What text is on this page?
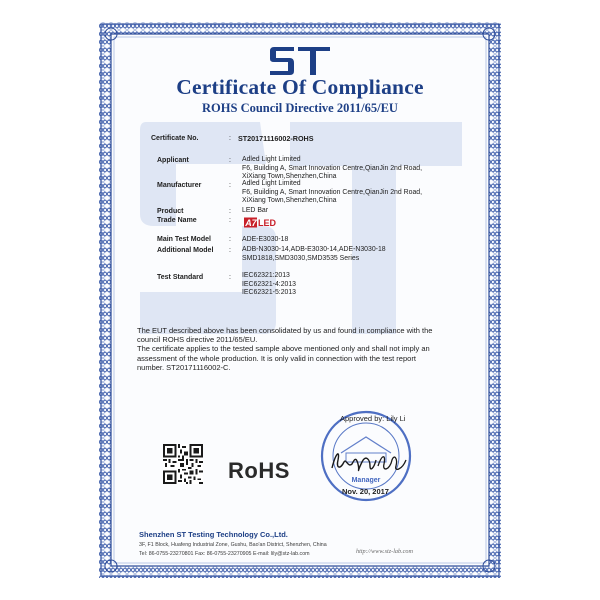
Certificate Of Compliance
ROHS Council Directive 2011/65/EU
Certificate No.	: ST20171116002-ROHS
Applicant	: Adled Light Limited
F6, Building A, Smart Innovation Centre,QianJin 2nd Road,
XiXiang Town,Shenzhen,China
Manufacturer	: Adled Light Limited
F6, Building A, Smart Innovation Centre,QianJin 2nd Road,
XiXiang Town,Shenzhen,China
Product	: LED Bar
Trade Name	: A7 LED
Main Test Model	: ADE-E3030-18
Additional Model : ADB-N3030-14,ADB-E3030-14,ADE-N3030-18
SMD1818,SMD3030,SMD3535 Series
Test Standard	: IEC62321:2013
IEC62321-4:2013
IEC62321-5:2013
The EUT described above has been consolidated by us and found in compliance with the
council ROHS directive 2011/65/EU.
The certificate applies to the tested sample above mentioned only and shall not imply an
assessment of the whole production. It is only valid in connection with the test report
number. ST20171116002-C.
Manager
Approved by: Lily Li
Nov. 20, 2017
RoHS
Shenzhen ST Testing Technology Co.,Ltd.
3F, F1 Block, Huafeng Industrial Zone, Gushu, Bao'an District, Shenzhen, China
Tel: 86-0755-23270801 Fax: 86-0755-23270905 E-mail: lily@stz-lab.com	http://www.stz-lab.com
